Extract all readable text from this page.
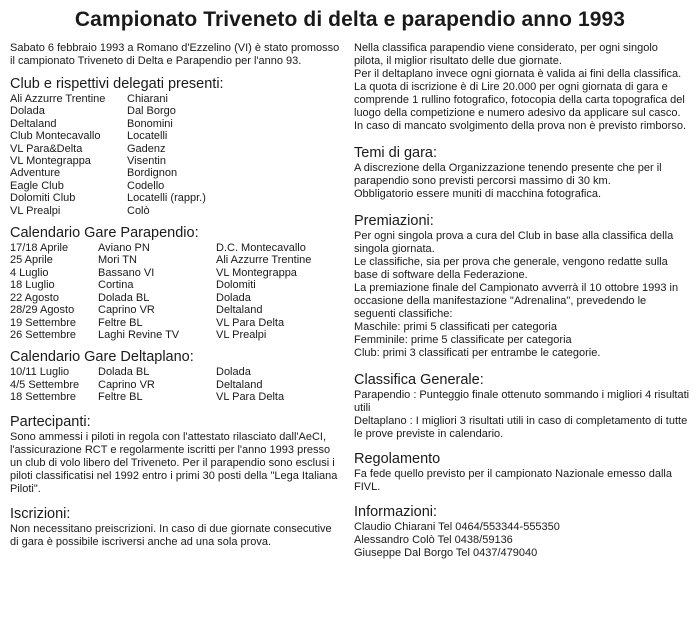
Campionato Triveneto di delta e parapendio anno 1993

Sabato 6 febbraio 1993 a Romano d'Ezzelino (VI) è stato promosso il campionato Triveneto di Delta e Parapendio per l'anno 93.

Club e rispettivi delegati presenti:
Ali Azzurre Trentine	Chiarani
Dolada	Dal Borgo
Deltaland	Bonomini
Club Montecavallo	Locatelli
VL Para&Delta	Gadenz
VL Montegrappa	Visentin
Adventure	Bordignon
Eagle Club	Codello
Dolomiti Club	Locatelli (rappr.)
VL Prealpi	Colò
Calendario Gare Parapendio:
17/18 Aprile	Aviano PN	D.C. Montecavallo
25 Aprile	Mori TN	Ali Azzurre Trentine
4 Luglio	Bassano VI	VL Montegrappa
18 Luglio	Cortina	Dolomiti
22 Agosto	Dolada BL	Dolada
28/29 Agosto	Caprino VR	Deltaland
19 Settembre	Feltre BL	VL Para Delta
26 Settembre	Laghi Revine TV	VL Prealpi
Calendario Gare Deltaplano:
10/11 Luglio	Dolada BL	Dolada
4/5 Settembre	Caprino VR	Deltaland
18 Settembre	Feltre BL	VL Para Delta
Partecipanti:

Sono ammessi i piloti in regola con l'attestato rilasciato dall'AeCI, l'assicurazione RCT e regolarmente iscritti per l'anno 1993 presso un club di volo libero del Triveneto. Per il parapendio sono esclusi i piloti classificatisi nel 1992 entro i primi 30 posti della "Lega Italiana Piloti".

Iscrizioni:

Non necessitano preiscrizioni. In caso di due giornate consecutive di gara è possibile iscriversi anche ad una sola prova.

Nella classifica parapendio viene considerato, per ogni singolo pilota, il miglior risultato delle due giornate.

Per il deltaplano invece ogni giornata è valida ai fini della classifica.

La quota di iscrizione è di Lire 20.000 per ogni giornata di gara e comprende 1 rullino fotografico, fotocopia della carta topografica del luogo della competizione e numero adesivo da applicare sul casco.

In caso di mancato svolgimento della prova non è previsto rimborso.

Temi di gara:

A discrezione della Organizzazione tenendo presente che per il parapendio sono previsti percorsi massimo di 30 km.

Obbligatorio essere muniti di macchina fotografica.

Premiazioni:

Per ogni singola prova a cura del Club in base alla classifica della singola giornata.

Le classifiche, sia per prova che generale, vengono redatte sulla base di software della Federazione.

La premiazione finale del Campionato avverrà il 10 ottobre 1993 in occasione della manifestazione "Adrenalina", prevedendo le seguenti classifiche:

Maschile: primi 5 classificati per categoria

Femminile: prime 5 classificate per categoria

Club: primi 3 classificati per entrambe le categorie.

Classifica Generale:

Parapendio : Punteggio finale ottenuto sommando i migliori 4 risultati utili

Deltaplano : I migliori 3 risultati utili in caso di completamento di tutte le prove previste in calendario.

Regolamento

Fa fede quello previsto per il campionato Nazionale emesso dalla FIVL.

Informazioni:

Claudio Chiarani Tel 0464/553344-555350

Alessandro Colò Tel 0438/59136

Giuseppe Dal Borgo Tel 0437/479040
